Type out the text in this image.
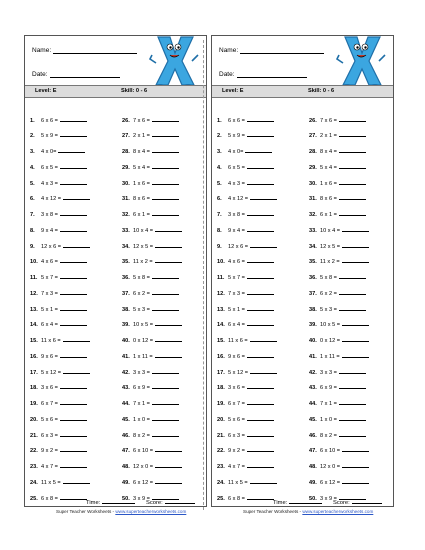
Name:
Date:
Level: E	Skill: 0 - 6
1. 6 x 6 =
2. 5 x 9 =
3. 4 x 0=
4. 6 x 5 =
5. 4 x 3 =
6. 4 x 12 =
7. 3 x 8 =
8. 9 x 4 =
9. 12 x 6 =
10. 4 x 6 =
11. 5 x 7 =
12. 7 x 3 =
13. 5 x 1 =
14. 6 x 4 =
15. 11 x 6 =
16. 9 x 6 =
17. 5 x 12 =
18. 3 x 6 =
19. 6 x 7 =
20. 5 x 6 =
21. 6 x 3 =
22. 9 x 2 =
23. 4 x 7 =
24. 11 x 5 =
25. 6 x 8 =
26. 7 x 6 =
27. 2 x 1 =
28. 8 x 4 =
29. 5 x 4 =
30. 1 x 6 =
31. 8 x 6 =
32. 6 x 1 =
33. 10 x 4 =
34. 12 x 5 =
35. 11 x 2 =
36. 5 x 8 =
37. 6 x 2 =
38. 5 x 3 =
39. 10 x 5 =
40. 0 x 12 =
41. 1 x 11 =
42. 3 x 3 =
43. 6 x 9 =
44. 7 x 1 =
45. 1 x 0 =
46. 8 x 2 =
47. 6 x 10 =
48. 12 x 0 =
49. 6 x 12 =
50. 3 x 9 =
Time:	Score:
Name:
Date:
Level: E	Skill: 0 - 6
1. 6 x 6 =
2. 5 x 9 =
3. 4 x 0=
4. 6 x 5 =
5. 4 x 3 =
6. 4 x 12 =
7. 3 x 8 =
8. 9 x 4 =
9. 12 x 6 =
10. 4 x 6 =
11. 5 x 7 =
12. 7 x 3 =
13. 5 x 1 =
14. 6 x 4 =
15. 11 x 6 =
16. 9 x 6 =
17. 5 x 12 =
18. 3 x 6 =
19. 6 x 7 =
20. 5 x 6 =
21. 6 x 3 =
22. 9 x 2 =
23. 4 x 7 =
24. 11 x 5 =
25. 6 x 8 =
26. 7 x 6 =
27. 2 x 1 =
28. 8 x 4 =
29. 5 x 4 =
30. 1 x 6 =
31. 8 x 6 =
32. 6 x 1 =
33. 10 x 4 =
34. 12 x 5 =
35. 11 x 2 =
36. 5 x 8 =
37. 6 x 2 =
38. 5 x 3 =
39. 10 x 5 =
40. 0 x 12 =
41. 1 x 11 =
42. 3 x 3 =
43. 6 x 9 =
44. 7 x 1 =
45. 1 x 0 =
46. 8 x 2 =
47. 6 x 10 =
48. 12 x 0 =
49. 6 x 12 =
50. 3 x 9 =
Time:	Score:
Super Teacher Worksheets - www.superteacherworksheets.com	Super Teacher Worksheets - www.superteacherworksheets.com
